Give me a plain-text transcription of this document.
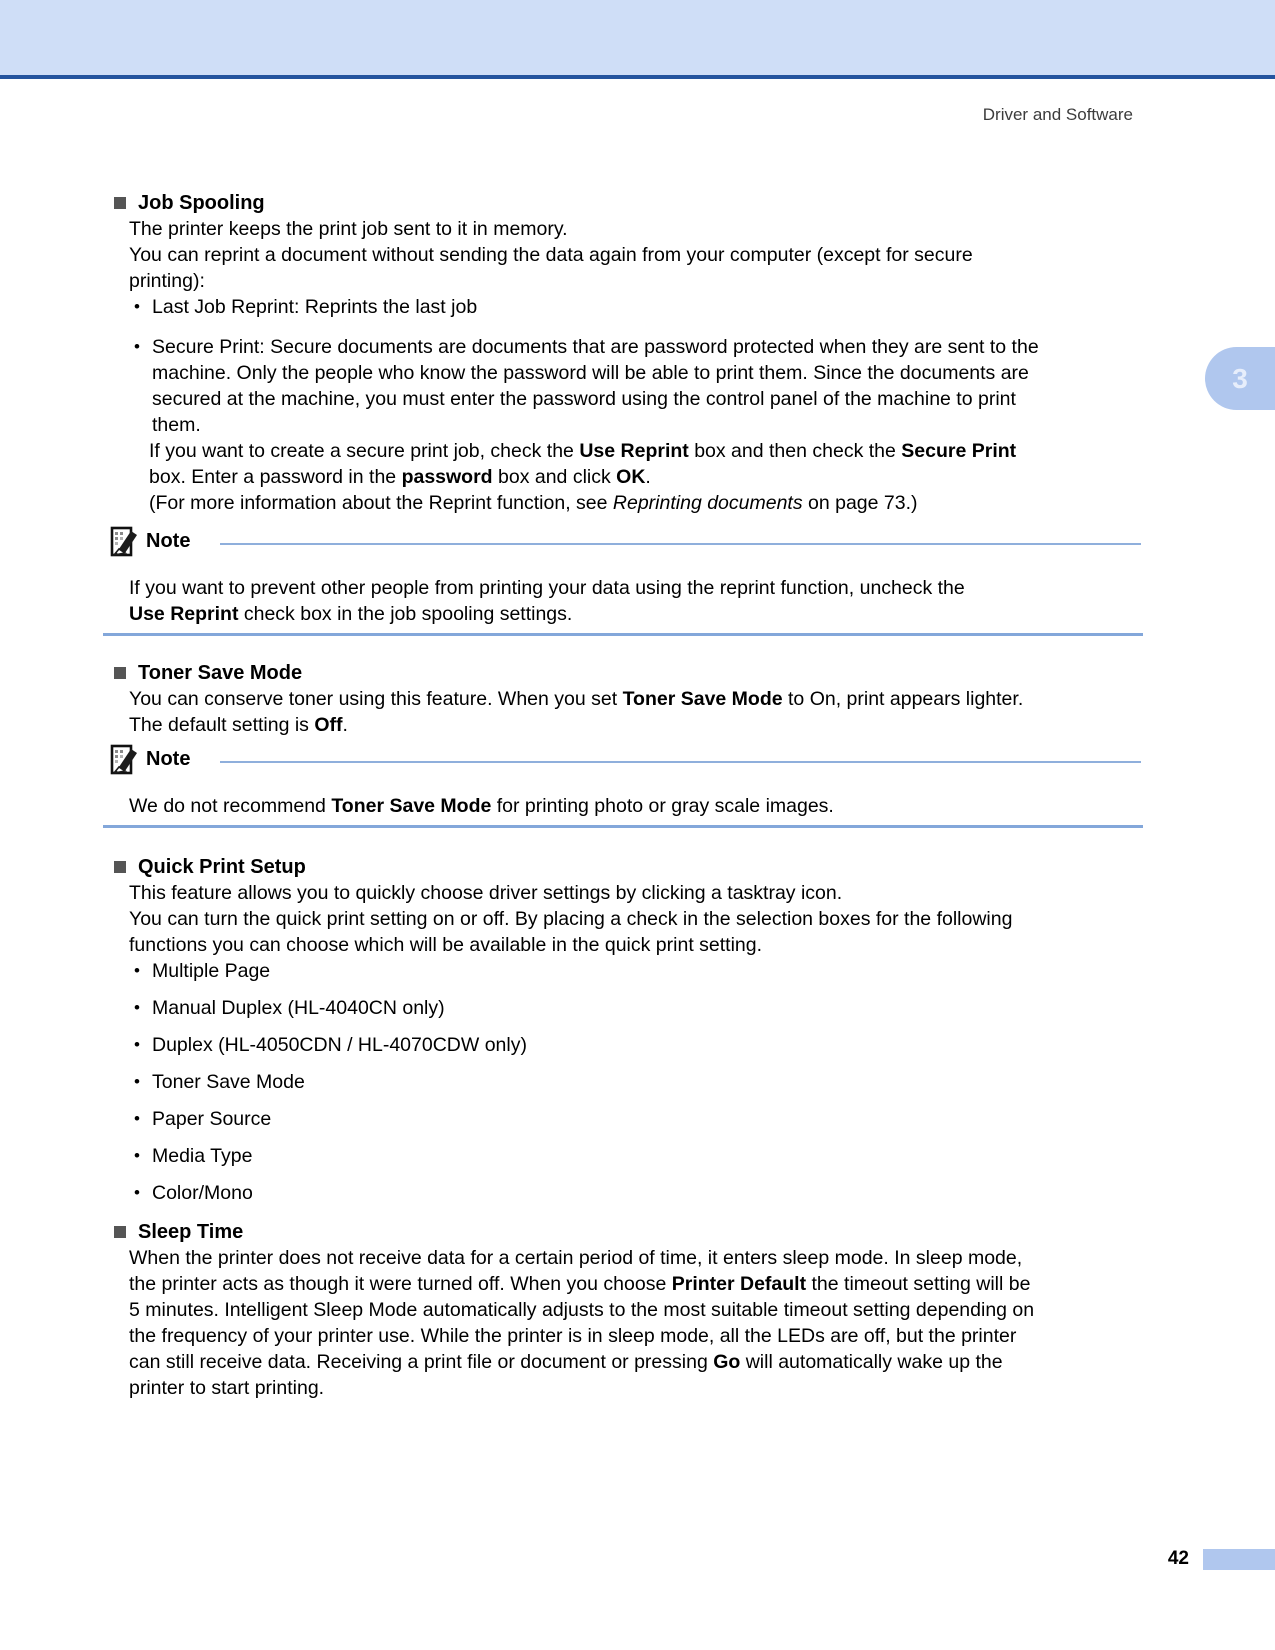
Driver and Software
Job Spooling

The printer keeps the print job sent to it in memory.

You can reprint a document without sending the data again from your computer (except for secure
printing):

• Last Job Reprint: Reprints the last job
• Secure Print: Secure documents are documents that are password protected when they are sent to the
machine. Only the people who know the password will be able to print them. Since the documents are
secured at the machine, you must enter the password using the control panel of the machine to print
them.

If you want to create a secure print job, check the Use Reprint box and then check the Secure Print
box. Enter a password in the password box and click OK.
(For more information about the Reprint function, see Reprinting documents on page 73.)

Note

If you want to prevent other people from printing your data using the reprint function, uncheck the
Use Reprint check box in the job spooling settings.

Toner Save Mode

You can conserve toner using this feature. When you set Toner Save Mode to On, print appears lighter.
The default setting is Off.

Note

We do not recommend Toner Save Mode for printing photo or gray scale images.

Quick Print Setup

This feature allows you to quickly choose driver settings by clicking a tasktray icon.

You can turn the quick print setting on or off. By placing a check in the selection boxes for the following
functions you can choose which will be available in the quick print setting.

• Multiple Page
• Manual Duplex (HL-4040CN only)
• Duplex (HL-4050CDN / HL-4070CDW only)
• Toner Save Mode
• Paper Source
• Media Type
• Color/Mono
Sleep Time

When the printer does not receive data for a certain period of time, it enters sleep mode. In sleep mode,
the printer acts as though it were turned off. When you choose Printer Default the timeout setting will be
5 minutes. Intelligent Sleep Mode automatically adjusts to the most suitable timeout setting depending on
the frequency of your printer use. While the printer is in sleep mode, all the LEDs are off, but the printer
can still receive data. Receiving a print file or document or pressing Go will automatically wake up the
printer to start printing.

3
42
